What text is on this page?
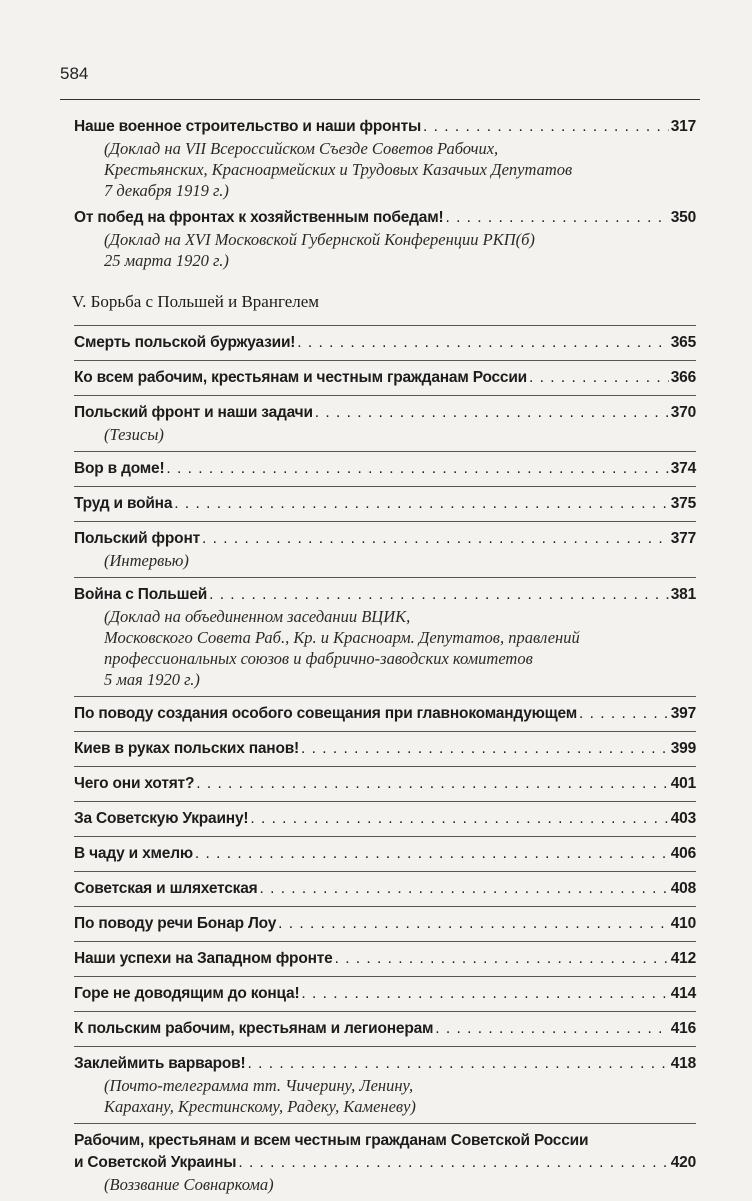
584
Наше военное строительство и наши фронты . . .	317
(Доклад на VII Всероссийском Съезде Советов Рабочих,
Крестьянских, Красноармейских и Трудовых Казачьих Депутатов
7 декабря 1919 г.)
От побед на фронтах к хозяйственным победам! . . .	350
(Доклад на XVI Московской Губернской Конференции РКП(б)
25 марта 1920 г.)
V. Борьба с Польшей и Врангелем
Смерть польской буржуазии! . . .	365
Ко всем рабочим, крестьянам и честным гражданам России . . .	366
Польский фронт и наши задачи . . .	370
(Тезисы)
Вор в доме! . . .	374
Труд и война . . .	375
Польский фронт . . .	377
(Интервью)
Война с Польшей . . .	381
(Доклад на объединенном заседании ВЦИК,
Московского Совета Раб., Кр. и Красноарм. Депутатов, правлений
профессиональных союзов и фабрично-заводских комитетов
5 мая 1920 г.)
По поводу создания особого совещания при главнокомандующем . . .	397
Киев в руках польских панов! . . .	399
Чего они хотят? . . .	401
За Советскую Украину! . . .	403
В чаду и хмелю . . .	406
Советская и шляхетская . . .	408
По поводу речи Бонар Лоу . . .	410
Наши успехи на Западном фронте . . .	412
Горе не доводящим до конца! . . .	414
К польским рабочим, крестьянам и легионерам . . .	416
Заклеймить варваров! . . .	418
(Почто-телеграмма тт. Чичерину, Ленину,
Карахану, Крестинскому, Радеку, Каменеву)
Рабочим, крестьянам и всем честным гражданам Советской России
и Советской Украины . . .	420
(Воззвание Совнаркома)
